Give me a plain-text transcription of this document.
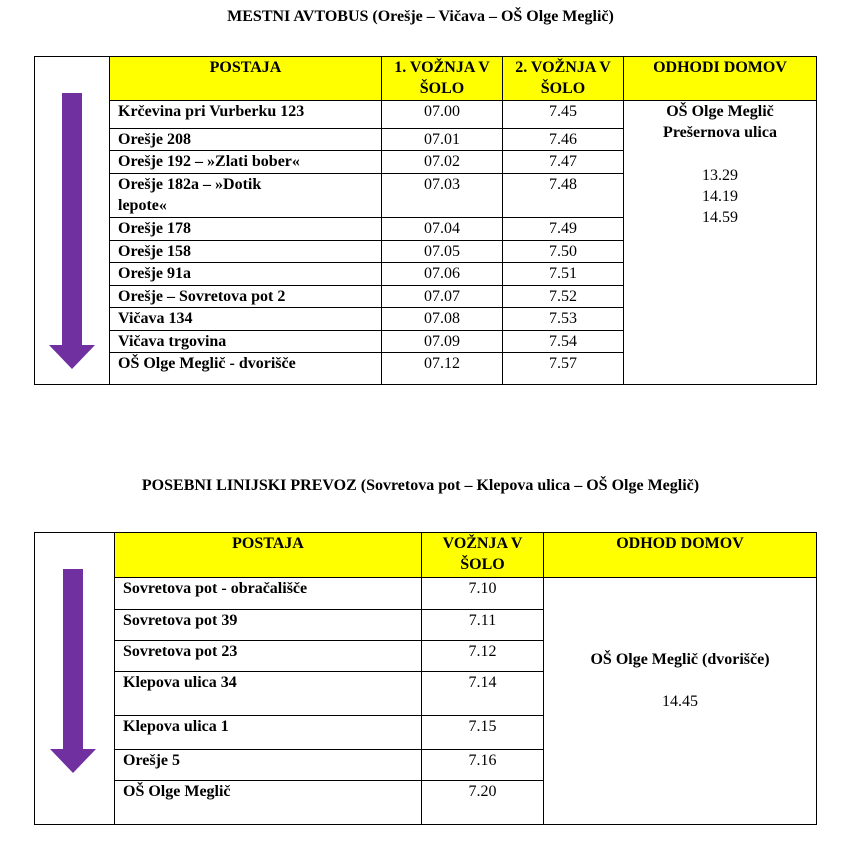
MESTNI AVTOBUS (Orešje – Vičava – OŠ Olge Meglič)
	POSTAJA	1. VOŽNJA V ŠOLO	2. VOŽNJA V ŠOLO	ODHODI DOMOV
	Krčevina pri Vurberku 123	07.00	7.45	OŠ Olge Meglič
Prešernova ulica
13.29
14.19
14.59

	Orešje 208	07.01	7.46	
	Orešje 192 – »Zlati bober«	07.02	7.47	
	Orešje 182a – »Dotik lepote«	07.03	7.48	
	Orešje 178	07.04	7.49	
	Orešje 158	07.05	7.50	
	Orešje 91a	07.06	7.51	
	Orešje – Sovretova pot 2	07.07	7.52	
	Vičava 134	07.08	7.53	
	Vičava trgovina	07.09	7.54	
	OŠ Olge Meglič - dvorišče	07.12	7.57	
POSEBNI LINIJSKI PREVOZ (Sovretova pot – Klepova ulica – OŠ Olge Meglič)
	POSTAJA	VOŽNJA V ŠOLO	ODHOD DOMOV
	Sovretova pot - obračališče	7.10	OŠ Olge Meglič (dvorišče)
14.45

	Sovretova pot 39	7.11	
	Sovretova pot 23	7.12	
	Klepova ulica 34	7.14	
	Klepova ulica 1	7.15	
	Orešje 5	7.16	
	OŠ Olge Meglič	7.20	
